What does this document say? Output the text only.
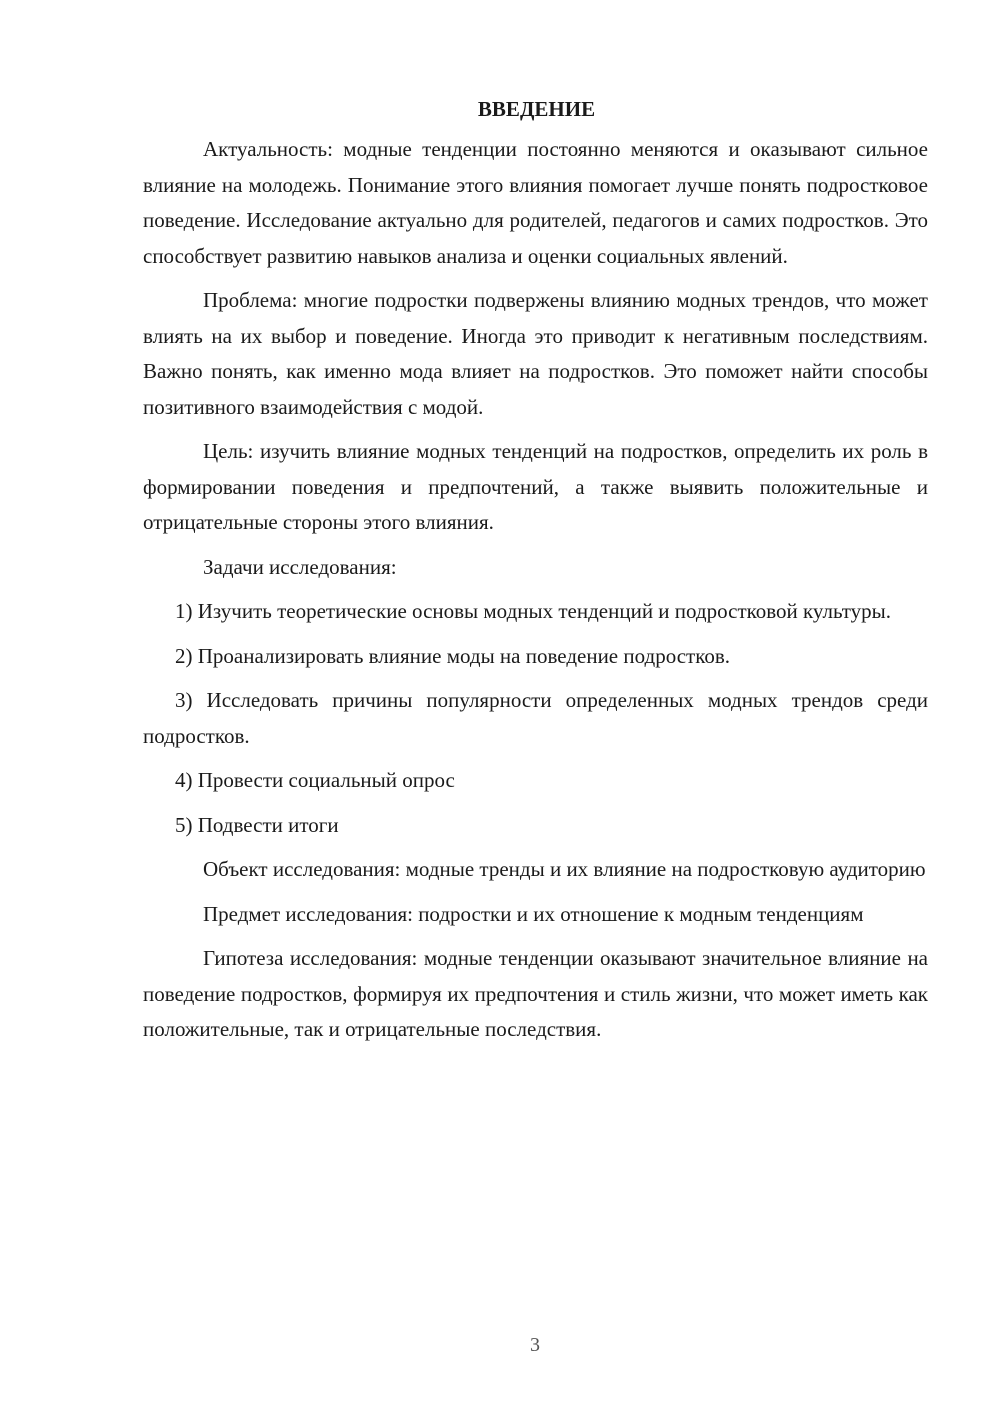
ВВЕДЕНИЕ

Актуальность: модные тенденции постоянно меняются и оказывают сильное влияние на молодежь. Понимание этого влияния помогает лучше понять подростковое поведение. Исследование актуально для родителей, педагогов и самих подростков. Это способствует развитию навыков анализа и оценки социальных явлений.

Проблема: многие подростки подвержены влиянию модных трендов, что может влиять на их выбор и поведение. Иногда это приводит к негативным последствиям. Важно понять, как именно мода влияет на подростков. Это поможет найти способы позитивного взаимодействия с модой.

Цель: изучить влияние модных тенденций на подростков, определить их роль в формировании поведения и предпочтений, а также выявить положительные и отрицательные стороны этого влияния.

Задачи исследования:

1) Изучить теоретические основы модных тенденций и подростковой культуры.

2) Проанализировать влияние моды на поведение подростков.

3) Исследовать причины популярности определенных модных трендов среди подростков.

4) Провести социальный опрос

5) Подвести итоги

Объект исследования: модные тренды и их влияние на подростковую аудиторию

Предмет исследования: подростки и их отношение к модным тенденциям

Гипотеза исследования: модные тенденции оказывают значительное влияние на поведение подростков, формируя их предпочтения и стиль жизни, что может иметь как положительные, так и отрицательные последствия.

3
